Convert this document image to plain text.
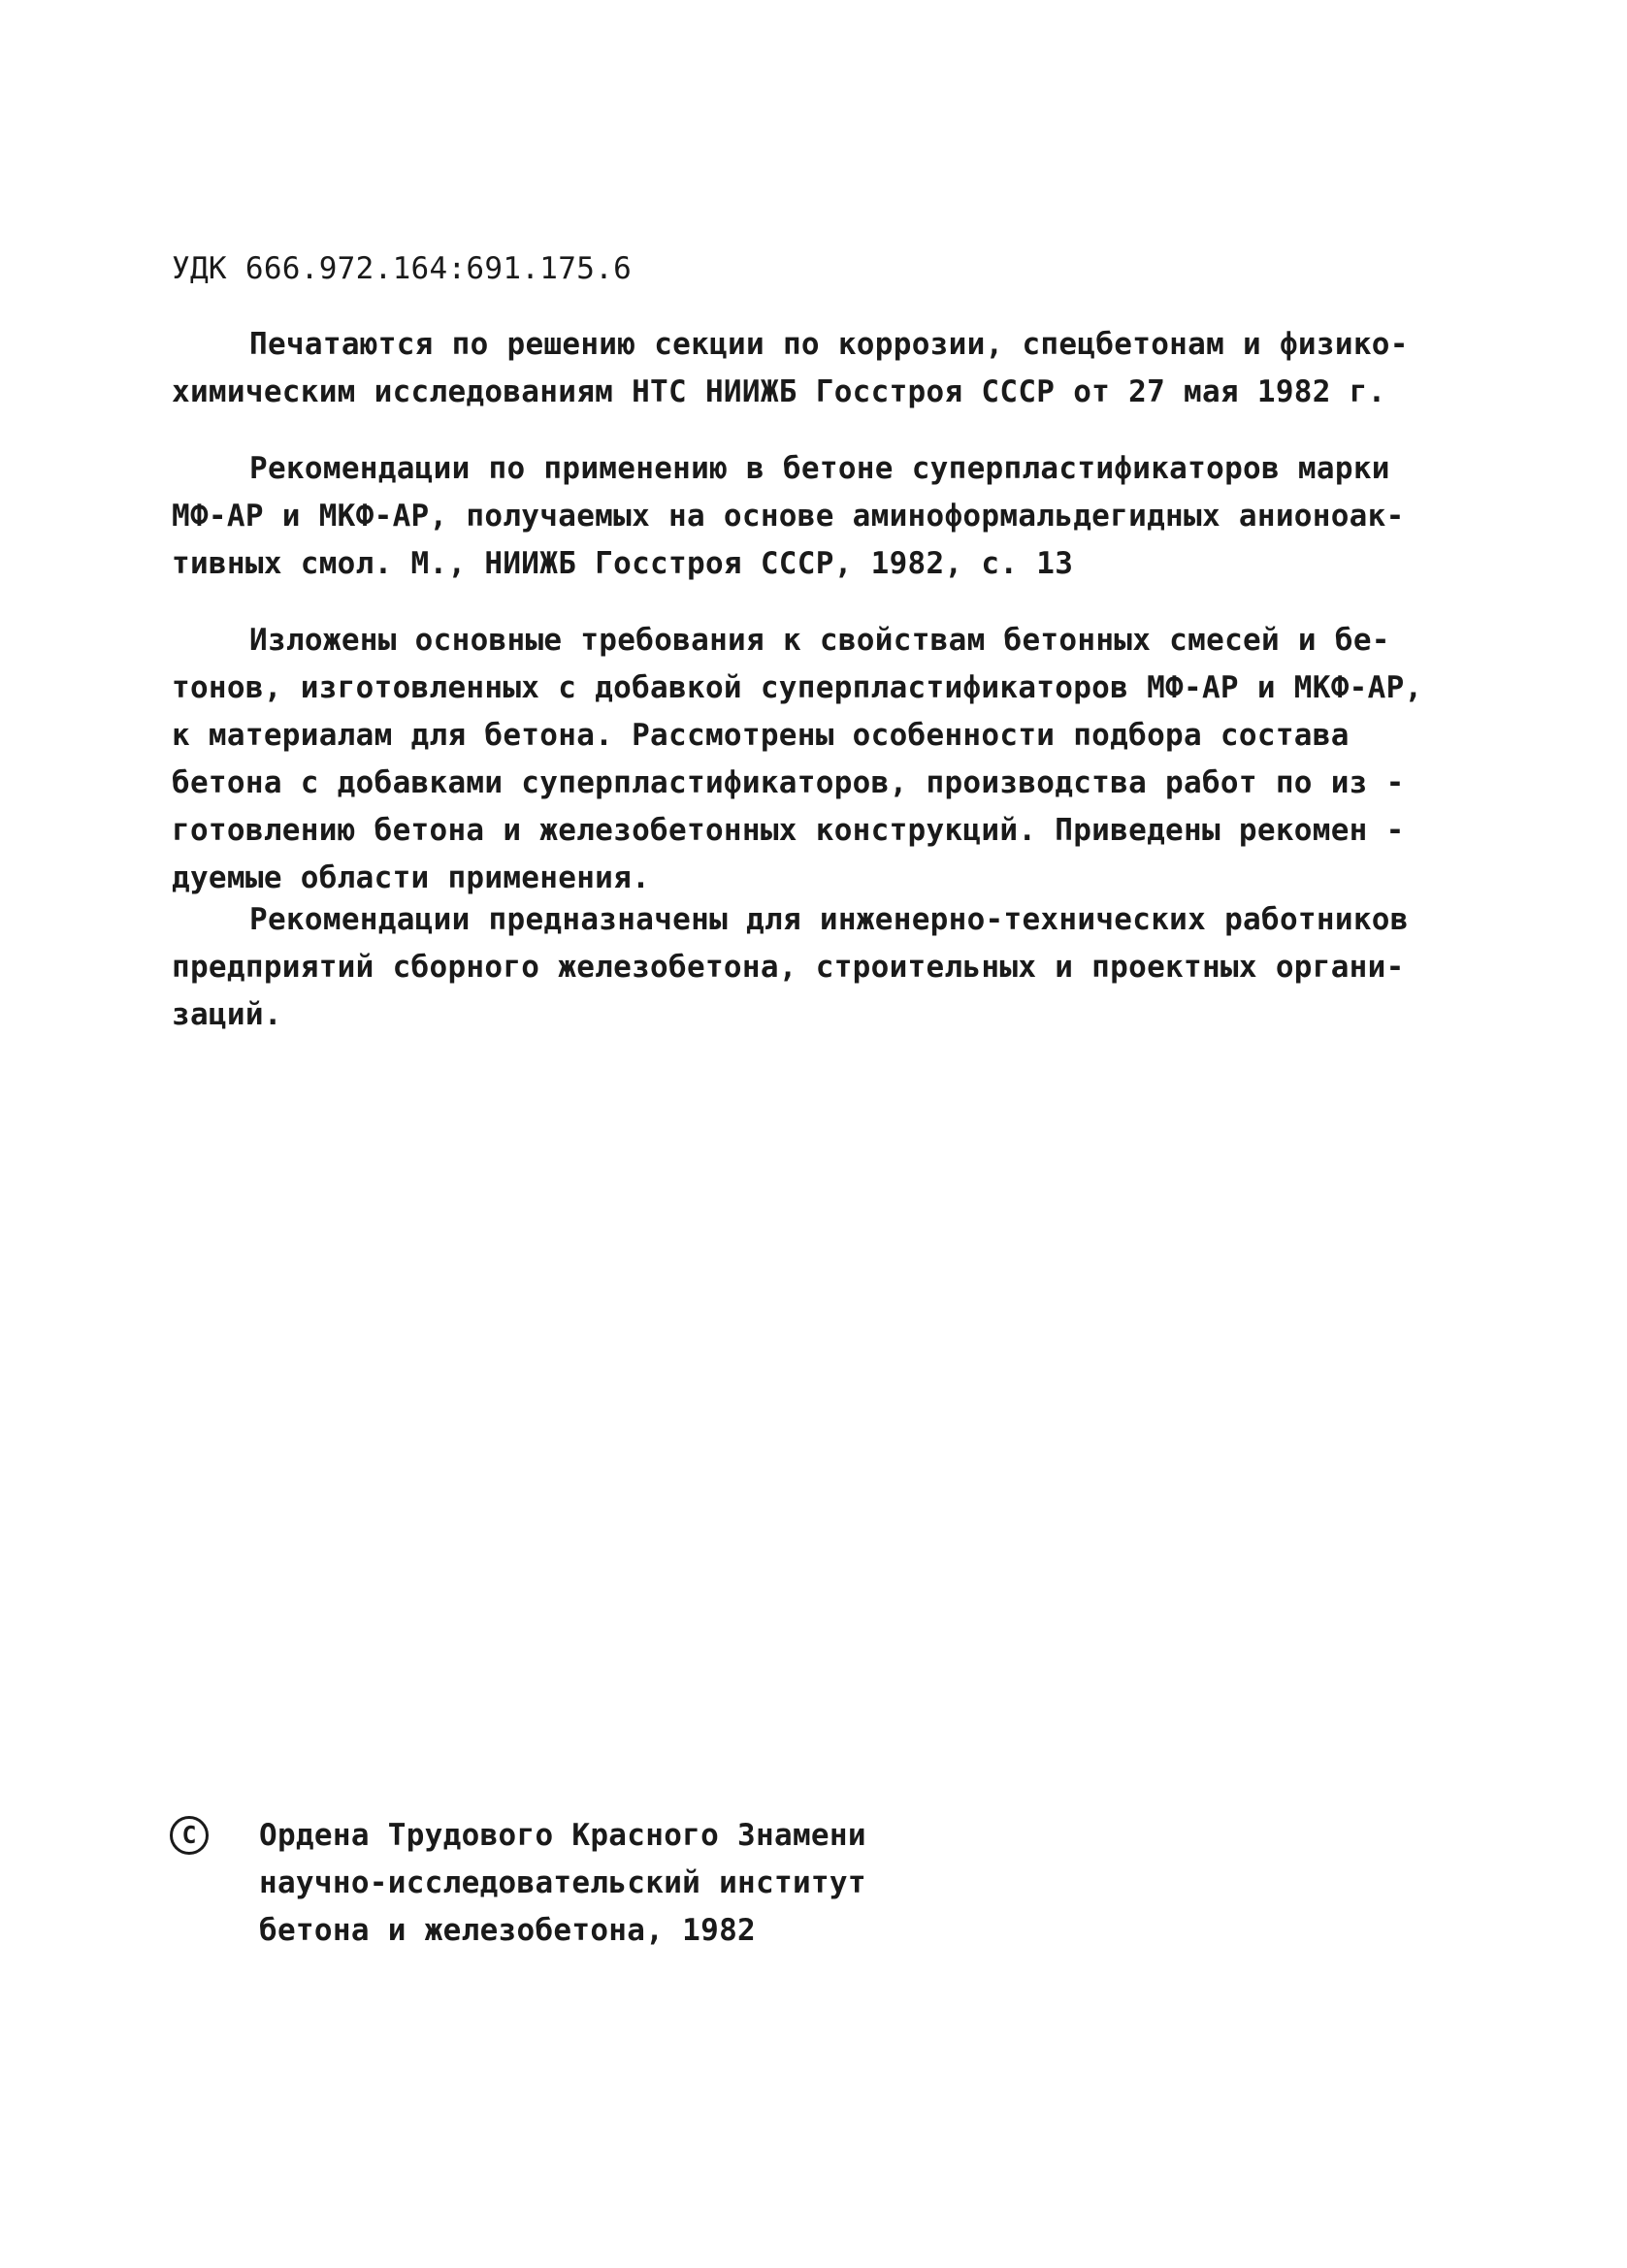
УДК 666.972.164:691.175.6
Печатаются по решению секции по коррозии, спецбетонам и физико-
химическим исследованиям НТС НИИЖБ Госстроя СССР от 27 мая 1982 г.
Рекомендации по применению в бетоне суперпластификаторов марки
МФ-АР и МКФ-АР, получаемых на основе аминоформальдегидных анионоак-
тивных смол. М., НИИЖБ Госстроя СССР, 1982, с. 13
Изложены основные требования к свойствам бетонных смесей и бе-
тонов, изготовленных с добавкой суперпластификаторов МФ-АР и МКФ-АР,
к материалам для бетона. Рассмотрены особенности подбора состава
бетона с добавками суперпластификаторов, производства работ по из -
готовлению бетона и железобетонных конструкций. Приведены рекомен -
дуемые области применения.
Рекомендации предназначены для инженерно-технических работников
предприятий сборного железобетона, строительных и проектных органи-
заций.
С	Ордена Трудового Красного Знамени
научно-исследовательский институт
бетона и железобетона, 1982
